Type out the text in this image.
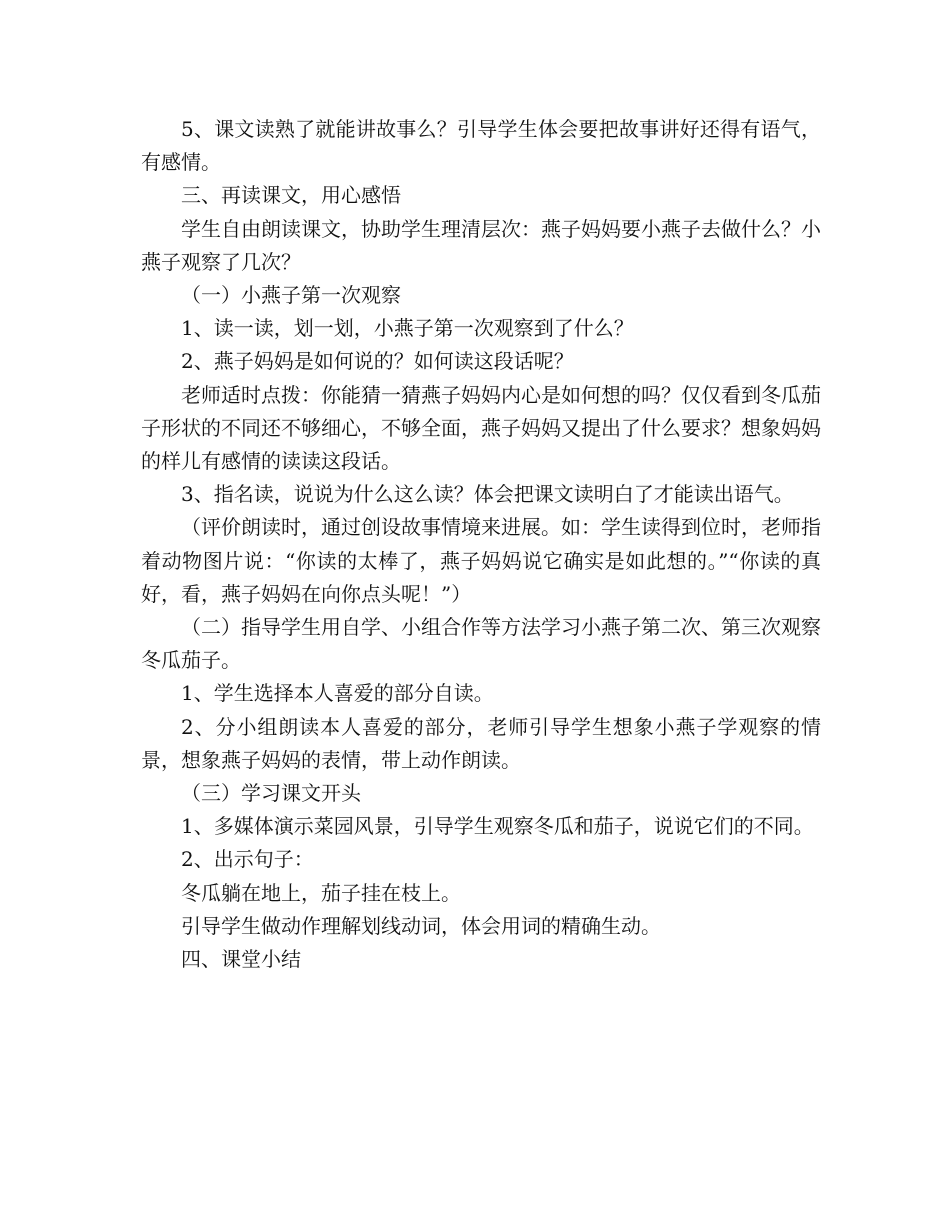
5、课文读熟了就能讲故事么？引导学生体会要把故事讲好还得有语气，有感情。

三、再读课文，用心感悟

学生自由朗读课文，协助学生理清层次：燕子妈妈要小燕子去做什么？小燕子观察了几次？

（一）小燕子第一次观察

1、读一读，划一划，小燕子第一次观察到了什么？

2、燕子妈妈是如何说的？如何读这段话呢？

老师适时点拨：你能猜一猜燕子妈妈内心是如何想的吗？仅仅看到冬瓜茄子形状的不同还不够细心，不够全面，燕子妈妈又提出了什么要求？想象妈妈的样儿有感情的读读这段话。

3、指名读，说说为什么这么读？体会把课文读明白了才能读出语气。

（评价朗读时，通过创设故事情境来进展。如：学生读得到位时，老师指着动物图片说：“你读的太棒了，燕子妈妈说它确实是如此想的。”“你读的真好，看，燕子妈妈在向你点头呢！”）

（二）指导学生用自学、小组合作等方法学习小燕子第二次、第三次观察冬瓜茄子。

1、学生选择本人喜爱的部分自读。

2、分小组朗读本人喜爱的部分，老师引导学生想象小燕子学观察的情景，想象燕子妈妈的表情，带上动作朗读。

（三）学习课文开头

1、多媒体演示菜园风景，引导学生观察冬瓜和茄子，说说它们的不同。

2、出示句子：

冬瓜躺在地上，茄子挂在枝上。

引导学生做动作理解划线动词，体会用词的精确生动。

四、课堂小结
